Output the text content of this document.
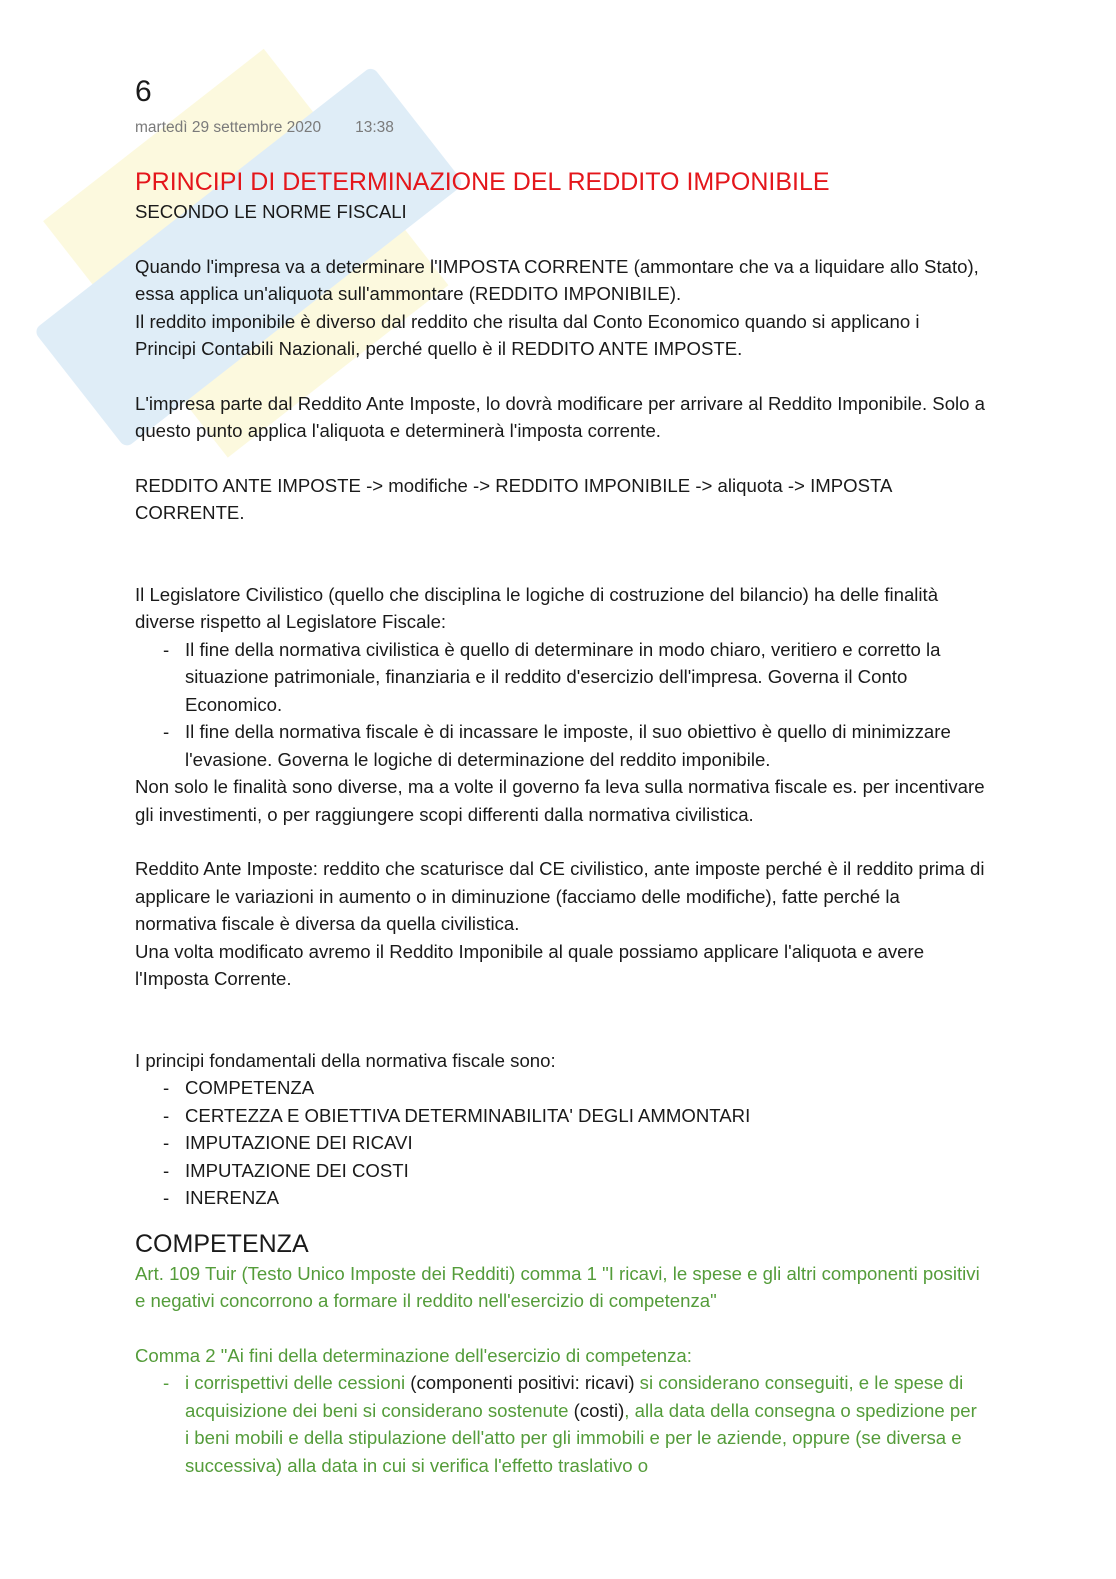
6
martedì 29 settembre 2020 13:38
PRINCIPI DI DETERMINAZIONE DEL REDDITO IMPONIBILE

SECONDO LE NORME FISCALI

Quando l'impresa va a determinare l'IMPOSTA CORRENTE (ammontare che va a liquidare allo Stato), essa applica un'aliquota sull'ammontare (REDDITO IMPONIBILE).

Il reddito imponibile è diverso dal reddito che risulta dal Conto Economico quando si applicano i Principi Contabili Nazionali, perché quello è il REDDITO ANTE IMPOSTE.

L'impresa parte dal Reddito Ante Imposte, lo dovrà modificare per arrivare al Reddito Imponibile. Solo a questo punto applica l'aliquota e determinerà l'imposta corrente.

REDDITO ANTE IMPOSTE -> modifiche -> REDDITO IMPONIBILE -> aliquota -> IMPOSTA CORRENTE.

Il Legislatore Civilistico (quello che disciplina le logiche di costruzione del bilancio) ha delle finalità diverse rispetto al Legislatore Fiscale:

- Il fine della normativa civilistica è quello di determinare in modo chiaro, veritiero e corretto la situazione patrimoniale, finanziaria e il reddito d'esercizio dell'impresa. Governa il Conto Economico.
- Il fine della normativa fiscale è di incassare le imposte, il suo obiettivo è quello di minimizzare l'evasione. Governa le logiche di determinazione del reddito imponibile.

Non solo le finalità sono diverse, ma a volte il governo fa leva sulla normativa fiscale es. per incentivare gli investimenti, o per raggiungere scopi differenti dalla normativa civilistica.

Reddito Ante Imposte: reddito che scaturisce dal CE civilistico, ante imposte perché è il reddito prima di applicare le variazioni in aumento o in diminuzione (facciamo delle modifiche), fatte perché la normativa fiscale è diversa da quella civilistica.

Una volta modificato avremo il Reddito Imponibile al quale possiamo applicare l'aliquota e avere l'Imposta Corrente.

I principi fondamentali della normativa fiscale sono:

- COMPETENZA
- CERTEZZA E OBIETTIVA DETERMINABILITA' DEGLI AMMONTARI
- IMPUTAZIONE DEI RICAVI
- IMPUTAZIONE DEI COSTI
- INERENZA
COMPETENZA

Art. 109 Tuir (Testo Unico Imposte dei Redditi) comma 1 "I ricavi, le spese e gli altri componenti positivi e negativi concorrono a formare il reddito nell'esercizio di competenza"

Comma 2 "Ai fini della determinazione dell'esercizio di competenza:

- i corrispettivi delle cessioni (componenti positivi: ricavi) si considerano conseguiti, e le spese di acquisizione dei beni si considerano sostenute (costi), alla data della consegna o spedizione per i beni mobili e della stipulazione dell'atto per gli immobili e per le aziende, oppure (se diversa e successiva) alla data in cui si verifica l'effetto traslativo o
